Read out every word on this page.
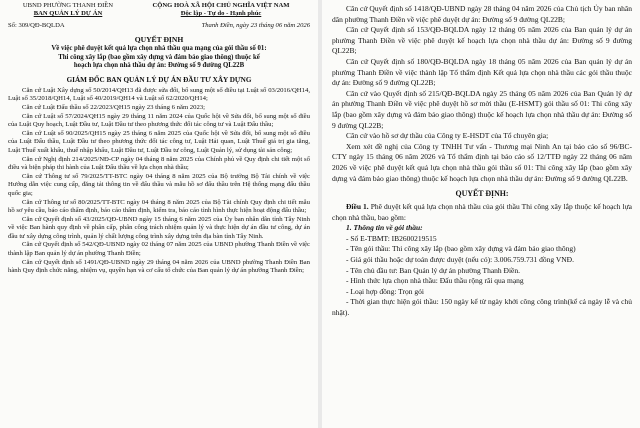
UBND PHƯỜNG THANH ĐIỀN
BAN QUẢN LÝ DỰ ÁN
CỘNG HOÀ XÃ HỘI CHỦ NGHĨA VIỆT NAM
Độc lập - Tự do - Hạnh phúc
Số: 309/QĐ-BQLDA	Thanh Điền, ngày 23 tháng 06 năm 2026
QUYẾT ĐỊNH
Về việc phê duyệt kết quả lựa chọn nhà thầu qua mạng của gói thầu số 01:
Thi công xây lắp (bao gồm xây dựng và đảm bảo giao thông) thuộc kế
hoạch lựa chọn nhà thầu dự án: Đường số 9 đường QL22B
GIÁM ĐỐC BAN QUẢN LÝ DỰ ÁN ĐẦU TƯ XÂY DỰNG

Căn cứ Luật Xây dựng số 50/2014/QH13 đã được sửa đổi, bổ sung một số điều tại Luật số 03/2016/QH14, Luật số 35/2018/QH14, Luật số 40/2019/QH14 và Luật số 62/2020/QH14;

Căn cứ Luật Đấu thầu số 22/2023/QH15 ngày 23 tháng 6 năm 2023;

Căn cứ Luật số 57/2024/QH15 ngày 29 tháng 11 năm 2024 của Quốc hội về Sửa đổi, bổ sung một số điều của Luật Quy hoạch, Luật Đầu tư, Luật Đầu tư theo phương thức đối tác công tư và Luật Đấu thầu;

Căn cứ Luật số 90/2025/QH15 ngày 25 tháng 6 năm 2025 của Quốc hội về Sửa đổi, bổ sung một số điều của Luật Đấu thầu, Luật Đầu tư theo phương thức đối tác công tư, Luật Hải quan, Luật Thuế giá trị gia tăng, Luật Thuế xuất khẩu, thuế nhập khẩu, Luật Đầu tư, Luật Đầu tư công, Luật Quản lý, sử dụng tài sản công;

Căn cứ Nghị định 214/2025/NĐ-CP ngày 04 tháng 8 năm 2025 của Chính phủ về Quy định chi tiết một số điều và biện pháp thi hành của Luật Đấu thầu về lựa chọn nhà thầu;

Căn cứ Thông tư số 79/2025/TT-BTC ngày 04 tháng 8 năm 2025 của Bộ trưởng Bộ Tài chính về việc Hướng dẫn việc cung cấp, đăng tải thông tin về đấu thầu và mẫu hồ sơ đấu thầu trên Hệ thống mạng đấu thầu quốc gia;

Căn cứ Thông tư số 80/2025/TT-BTC ngày 04 tháng 8 năm 2025 của Bộ Tài chính Quy định chi tiết mẫu hồ sơ yêu cầu, báo cáo thẩm định, báo cáo thẩm định, kiểm tra, báo cáo tình hình thực hiện hoạt động đấu thầu;

Căn cứ Quyết định số 43/2025/QĐ-UBND ngày 15 tháng 6 năm 2025 của Ủy ban nhân dân tỉnh Tây Ninh về việc Ban hành quy định về phân cấp, phân công trách nhiệm quản lý và thực hiện dự án đầu tư công, dự án đầu tư xây dựng công trình, quản lý chất lượng công trình xây dựng trên địa bàn tỉnh Tây Ninh.

Căn cứ Quyết định số 542/QĐ-UBND ngày 02 tháng 07 năm 2025 của UBND phường Thanh Điền về việc thành lập Ban quản lý dự án phường Thanh Điền;

Căn cứ Quyết định số 1491/QĐ-UBND ngày 29 tháng 04 năm 2026 của UBND phường Thanh Điền Ban hành Quy định chức năng, nhiệm vụ, quyền hạn và cơ cấu tổ chức của Ban quản lý dự án phường Thanh Điền;

Căn cứ Quyết định số 1418/QĐ-UBND ngày 28 tháng 04 năm 2026 của Chủ tịch Ủy ban nhân dân phường Thanh Điền về việc phê duyệt dự án: Đường số 9 đường QL22B;

Căn cứ Quyết định số 153/QĐ-BQLDA ngày 12 tháng 05 năm 2026 của Ban quản lý dự án phường Thanh Điền về việc phê duyệt kế hoạch lựa chọn nhà thầu dự án: Đường số 9 đường QL22B;

Căn cứ Quyết định số 180/QĐ-BQLDA ngày 18 tháng 05 năm 2026 của Ban quản lý dự án phường Thanh Điền về việc thành lập Tổ thẩm định Kết quả lựa chọn nhà thầu các gói thầu thuộc dự án: Đường số 9 đường QL22B;

Căn cứ vào Quyết định số 215/QĐ-BQLDA ngày 25 tháng 05 năm 2026 của Ban Quản lý dự án phường Thanh Điền về việc phê duyệt hồ sơ mời thầu (E-HSMT) gói thầu số 01: Thi công xây lắp (bao gồm xây dựng và đảm bảo giao thông) thuộc kế hoạch lựa chọn nhà thầu dự án: Đường số 9 đường QL22B;

Căn cứ vào hồ sơ dự thầu của Công ty E-HSDT của Tổ chuyên gia;

Xem xét đề nghị của Công ty TNHH Tư vấn - Thương mại Ninh An tại báo cáo số 96/BC-CTY ngày 15 tháng 06 năm 2026 và Tổ thẩm định tại báo cáo số 12/TTĐ ngày 22 tháng 06 năm 2026 về việc phê duyệt kết quả lựa chọn nhà thầu gói thầu số 01: Thi công xây lắp (bao gồm xây dựng và đảm bảo giao thông) thuộc kế hoạch lựa chọn nhà thầu dự án: Đường số 9 đường QL22B.

QUYẾT ĐỊNH:

Điều 1. Phê duyệt kết quả lựa chọn nhà thầu của gói thầu Thi công xây lắp thuộc kế hoạch lựa chọn nhà thầu, bao gồm:

1. Thông tin về gói thầu:

- Số E-TBMT: IB2600219515

- Tên gói thầu: Thi công xây lắp (bao gồm xây dựng và đảm bảo giao thông)

- Giá gói thầu hoặc dự toán được duyệt (nếu có): 3.006.759.731 đồng VNĐ.

- Tên chủ đầu tư: Ban Quản lý dự án phường Thanh Điền.

- Hình thức lựa chọn nhà thầu: Đấu thầu rộng rãi qua mạng

- Loại hợp đồng: Trọn gói

- Thời gian thực hiện gói thầu: 150 ngày kể từ ngày khởi công công trình(kể cả ngày lễ và chủ nhật).
